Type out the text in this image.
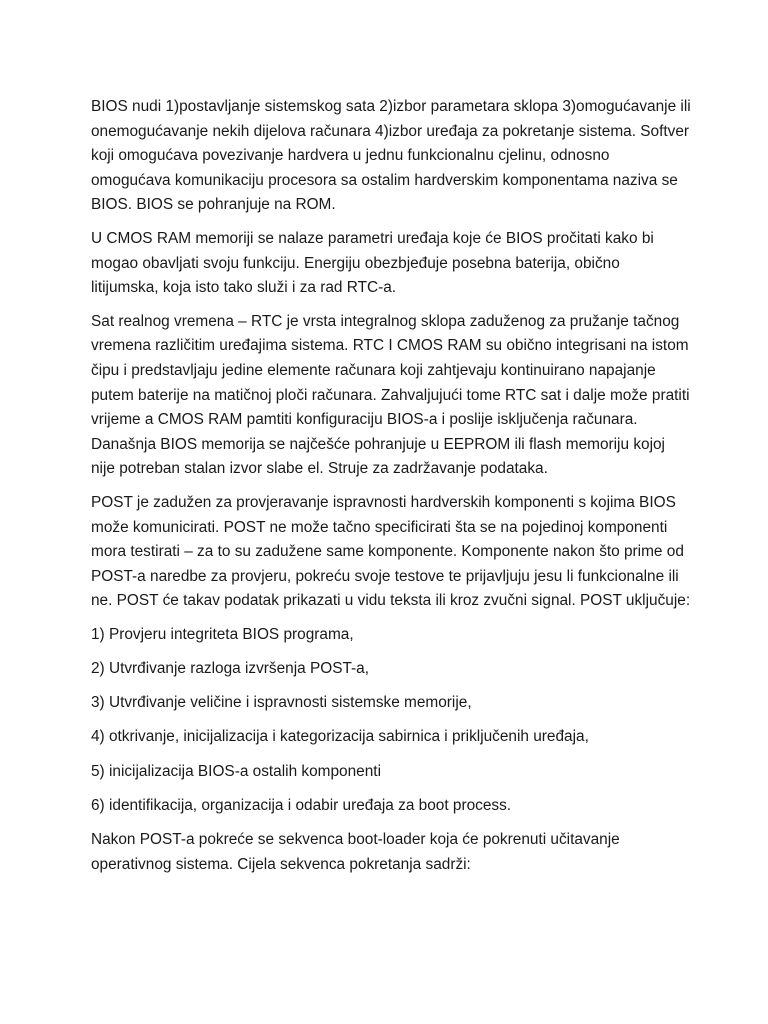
BIOS nudi 1)postavljanje sistemskog sata 2)izbor parametara sklopa 3)omogućavanje ili onemogućavanje nekih dijelova računara 4)izbor uređaja za pokretanje sistema. Softver koji omogućava povezivanje hardvera u jednu funkcionalnu cjelinu, odnosno omogućava komunikaciju procesora sa ostalim hardverskim komponentama naziva se BIOS. BIOS se pohranjuje na ROM.

U CMOS RAM memoriji se nalaze parametri uređaja koje će BIOS pročitati kako bi mogao obavljati svoju funkciju. Energiju obezbjeđuje posebna baterija, obično litijumska, koja isto tako služi i za rad RTC-a.

Sat realnog vremena – RTC je vrsta integralnog sklopa zaduženog za pružanje tačnog vremena različitim uređajima sistema. RTC I CMOS RAM su obično integrisani na istom čipu i predstavljaju jedine elemente računara koji zahtjevaju kontinuirano napajanje putem baterije na matičnoj ploči računara. Zahvaljujući tome RTC sat i dalje može pratiti vrijeme a CMOS RAM pamtiti konfiguraciju BIOS-a i poslije isključenja računara. Današnja BIOS memorija se najčešće pohranjuje u EEPROM ili flash memoriju kojoj nije potreban stalan izvor slabe el. Struje za zadržavanje podataka.

POST je zadužen za provjeravanje ispravnosti hardverskih komponenti s kojima BIOS može komunicirati. POST ne može tačno specificirati šta se na pojedinoj komponenti mora testirati – za to su zadužene same komponente. Komponente nakon što prime od POST-a naredbe za provjeru, pokreću svoje testove te prijavljuju jesu li funkcionalne ili ne. POST će takav podatak prikazati u vidu teksta ili kroz zvučni signal. POST uključuje:

1) Provjeru integriteta BIOS programa,

2) Utvrđivanje razloga izvršenja POST-a,

3) Utvrđivanje veličine i ispravnosti sistemske memorije,

4) otkrivanje, inicijalizacija i kategorizacija sabirnica i priključenih uređaja,

5) inicijalizacija BIOS-a ostalih komponenti

6) identifikacija, organizacija i odabir uređaja za boot process.

Nakon POST-a pokreće se sekvenca boot-loader koja će pokrenuti učitavanje operativnog sistema. Cijela sekvenca pokretanja sadrži:
